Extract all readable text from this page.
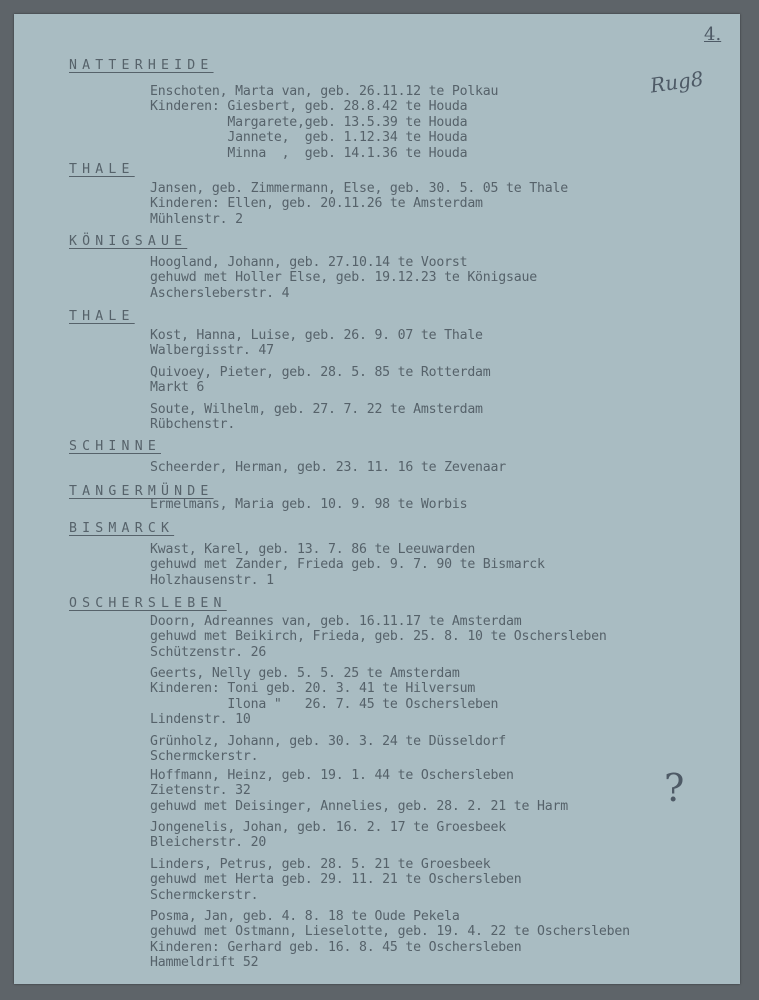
4.
Rug8
?
NATTERHEIDE
Enschoten, Marta van, geb. 26.11.12 te Polkau
Kinderen: Giesbert, geb. 28.8.42 te Houda
Margarete,geb. 13.5.39 te Houda
Jannete,  geb. 1.12.34 te Houda
Minna  ,  geb. 14.1.36 te Houda
THALE
Jansen, geb. Zimmermann, Else, geb. 30. 5. 05 te Thale
Kinderen: Ellen, geb. 20.11.26 te Amsterdam
Mühlenstr. 2
KÖNIGSAUE
Hoogland, Johann, geb. 27.10.14 te Voorst
gehuwd met Holler Else, geb. 19.12.23 te Königsaue
Aschersleberstr. 4
THALE
Kost, Hanna, Luise, geb. 26. 9. 07 te Thale
Walbergisstr. 47
Quivoey, Pieter, geb. 28. 5. 85 te Rotterdam
Markt 6
Soute, Wilhelm, geb. 27. 7. 22 te Amsterdam
Rübchenstr.
SCHINNE
Scheerder, Herman, geb. 23. 11. 16 te Zevenaar
TANGERMÜNDE
Ermelmans, Maria geb. 10. 9. 98 te Worbis
BISMARCK
Kwast, Karel, geb. 13. 7. 86 te Leeuwarden
gehuwd met Zander, Frieda geb. 9. 7. 90 te Bismarck
Holzhausenstr. 1
OSCHERSLEBEN
Doorn, Adreannes van, geb. 16.11.17 te Amsterdam
gehuwd met Beikirch, Frieda, geb. 25. 8. 10 te Oschersleben
Schützenstr. 26
Geerts, Nelly geb. 5. 5. 25 te Amsterdam
Kinderen: Toni geb. 20. 3. 41 te Hilversum
Ilona "   26. 7. 45 te Oschersleben
Lindenstr. 10
Grünholz, Johann, geb. 30. 3. 24 te Düsseldorf
Schermckerstr.
Hoffmann, Heinz, geb. 19. 1. 44 te Oschersleben
Zietenstr. 32
gehuwd met Deisinger, Annelies, geb. 28. 2. 21 te Harm
Jongenelis, Johan, geb. 16. 2. 17 te Groesbeek
Bleicherstr. 20
Linders, Petrus, geb. 28. 5. 21 te Groesbeek
gehuwd met Herta geb. 29. 11. 21 te Oschersleben
Schermckerstr.
Posma, Jan, geb. 4. 8. 18 te Oude Pekela
gehuwd met Ostmann, Lieselotte, geb. 19. 4. 22 te Oschersleben
Kinderen: Gerhard geb. 16. 8. 45 te Oschersleben
Hammeldrift 52
